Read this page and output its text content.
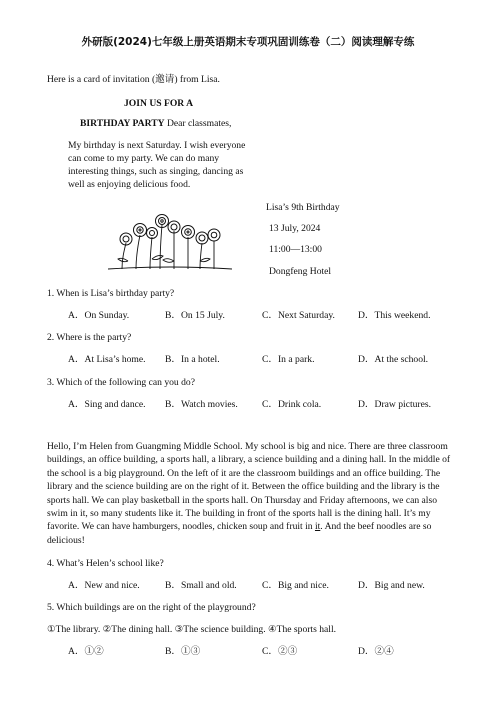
外研版(2024)七年级上册英语期末专项巩固训练卷（二）阅读理解专练
Here is a card of invitation (邀请) from Lisa.
JOIN US FOR A
BIRTHDAY PARTY Dear classmates,
My birthday is next Saturday. I wish everyone
can come to my party. We can do many
interesting things, such as singing, dancing as
well as enjoying delicious food.
Lisa’s 9th Birthday
13 July, 2024
11:00—13:00
Dongfeng Hotel
1. When is Lisa’s birthday party?
A．On Sunday.	B．On 15 July.	C．Next Saturday. D．This weekend.
2. Where is the party?
A．At Lisa’s home. B．In a hotel.	C．In a park.	D．At the school.
3. Which of the following can you do?
A．Sing and dance. B．Watch movies.	C．Drink cola.	D．Draw pictures.
Hello, I’m Helen from Guangming Middle School. My school is big and nice. There are three classroom buildings, an office building, a sports hall, a library, a science building and a dining hall. In the middle of the school is a big playground. On the left of it are the classroom buildings and an office building. The library and the science building are on the right of it. Between the office building and the library is the sports hall. We can play basketball in the sports hall. On Thursday and Friday afternoons, we can also swim in it, so many students like it. The building in front of the sports hall is the dining hall. It’s my favorite. We can have hamburgers, noodles, chicken soup and fruit in it. And the beef noodles are so delicious!
4. What’s Helen’s school like?
A．New and nice.	B．Small and old.	C．Big and nice.	D．Big and new.
5. Which buildings are on the right of the playground?
①The library. ②The dining hall. ③The science building. ④The sports hall.
A．①②	B．①③	C．②③	D．②④
